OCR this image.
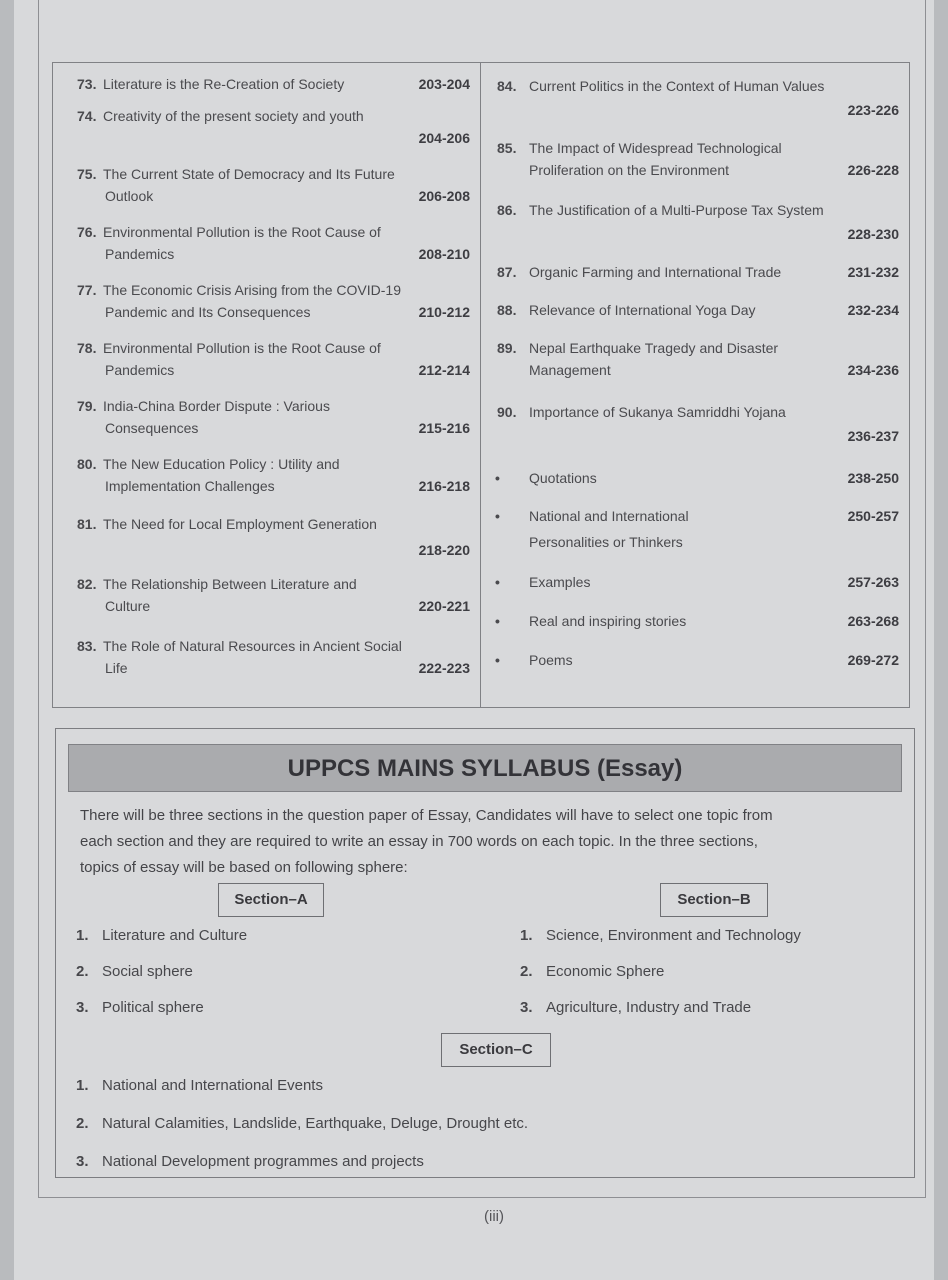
73. Literature is the Re-Creation of Society	203-204
74. Creativity of the present society and youth
204-206
75. The Current State of Democracy and Its Future
Outlook	206-208
76. Environmental Pollution is the Root Cause of
Pandemics	208-210
77. The Economic Crisis Arising from the COVID-19
Pandemic and Its Consequences	210-212
78. Environmental Pollution is the Root Cause of
Pandemics	212-214
79. India-China Border Dispute : Various
Consequences	215-216
80. The New Education Policy : Utility and
Implementation Challenges	216-218
81. The Need for Local Employment Generation
218-220
82. The Relationship Between Literature and
Culture	220-221
83. The Role of Natural Resources in Ancient Social
Life	222-223
84. Current Politics in the Context of Human Values
223-226
85. The Impact of Widespread Technological
Proliferation on the Environment	226-228
86. The Justification of a Multi-Purpose Tax System
228-230
87. Organic Farming and International Trade	231-232
88. Relevance of International Yoga Day	232-234
89. Nepal Earthquake Tragedy and Disaster
Management	234-236
90. Importance of Sukanya Samriddhi Yojana
236-237
• Quotations	238-250
• National and International
Personalities or Thinkers
250-257
• Examples	257-263
• Real and inspiring stories	263-268
• Poems	269-272
UPPCS MAINS SYLLABUS (Essay)
There will be three sections in the question paper of Essay, Candidates will have to select one topic from
each section and they are required to write an essay in 700 words on each topic. In the three sections,
topics of essay will be based on following sphere:
Section–A	Section–B
1. Literature and Culture
2. Social sphere
3. Political sphere
1. Science, Environment and Technology
2. Economic Sphere
3. Agriculture, Industry and Trade
Section–C
1. National and International Events
2. Natural Calamities, Landslide, Earthquake, Deluge, Drought etc.
3. National Development programmes and projects
(iii)
